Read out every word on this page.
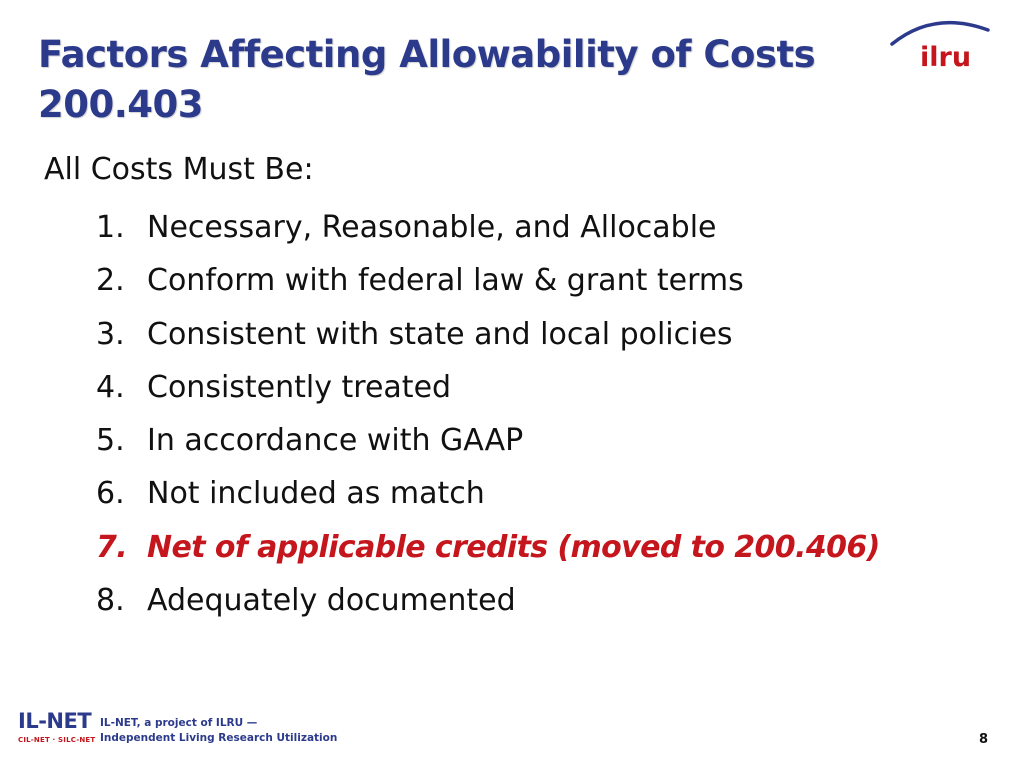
Factors Affecting Allowability of Costs
200.403
ilru

All Costs Must Be:

1. Necessary, Reasonable, and Allocable
2. Conform with federal law & grant terms
3. Consistent with state and local policies
4. Consistently treated
5. In accordance with GAAP
6. Not included as match
7. Net of applicable credits (moved to 200.406)
8. Adequately documented
IL-NET
CIL-NET · SILC-NET
IL-NET, a project of ILRU —
Independent Living Research Utilization	8
